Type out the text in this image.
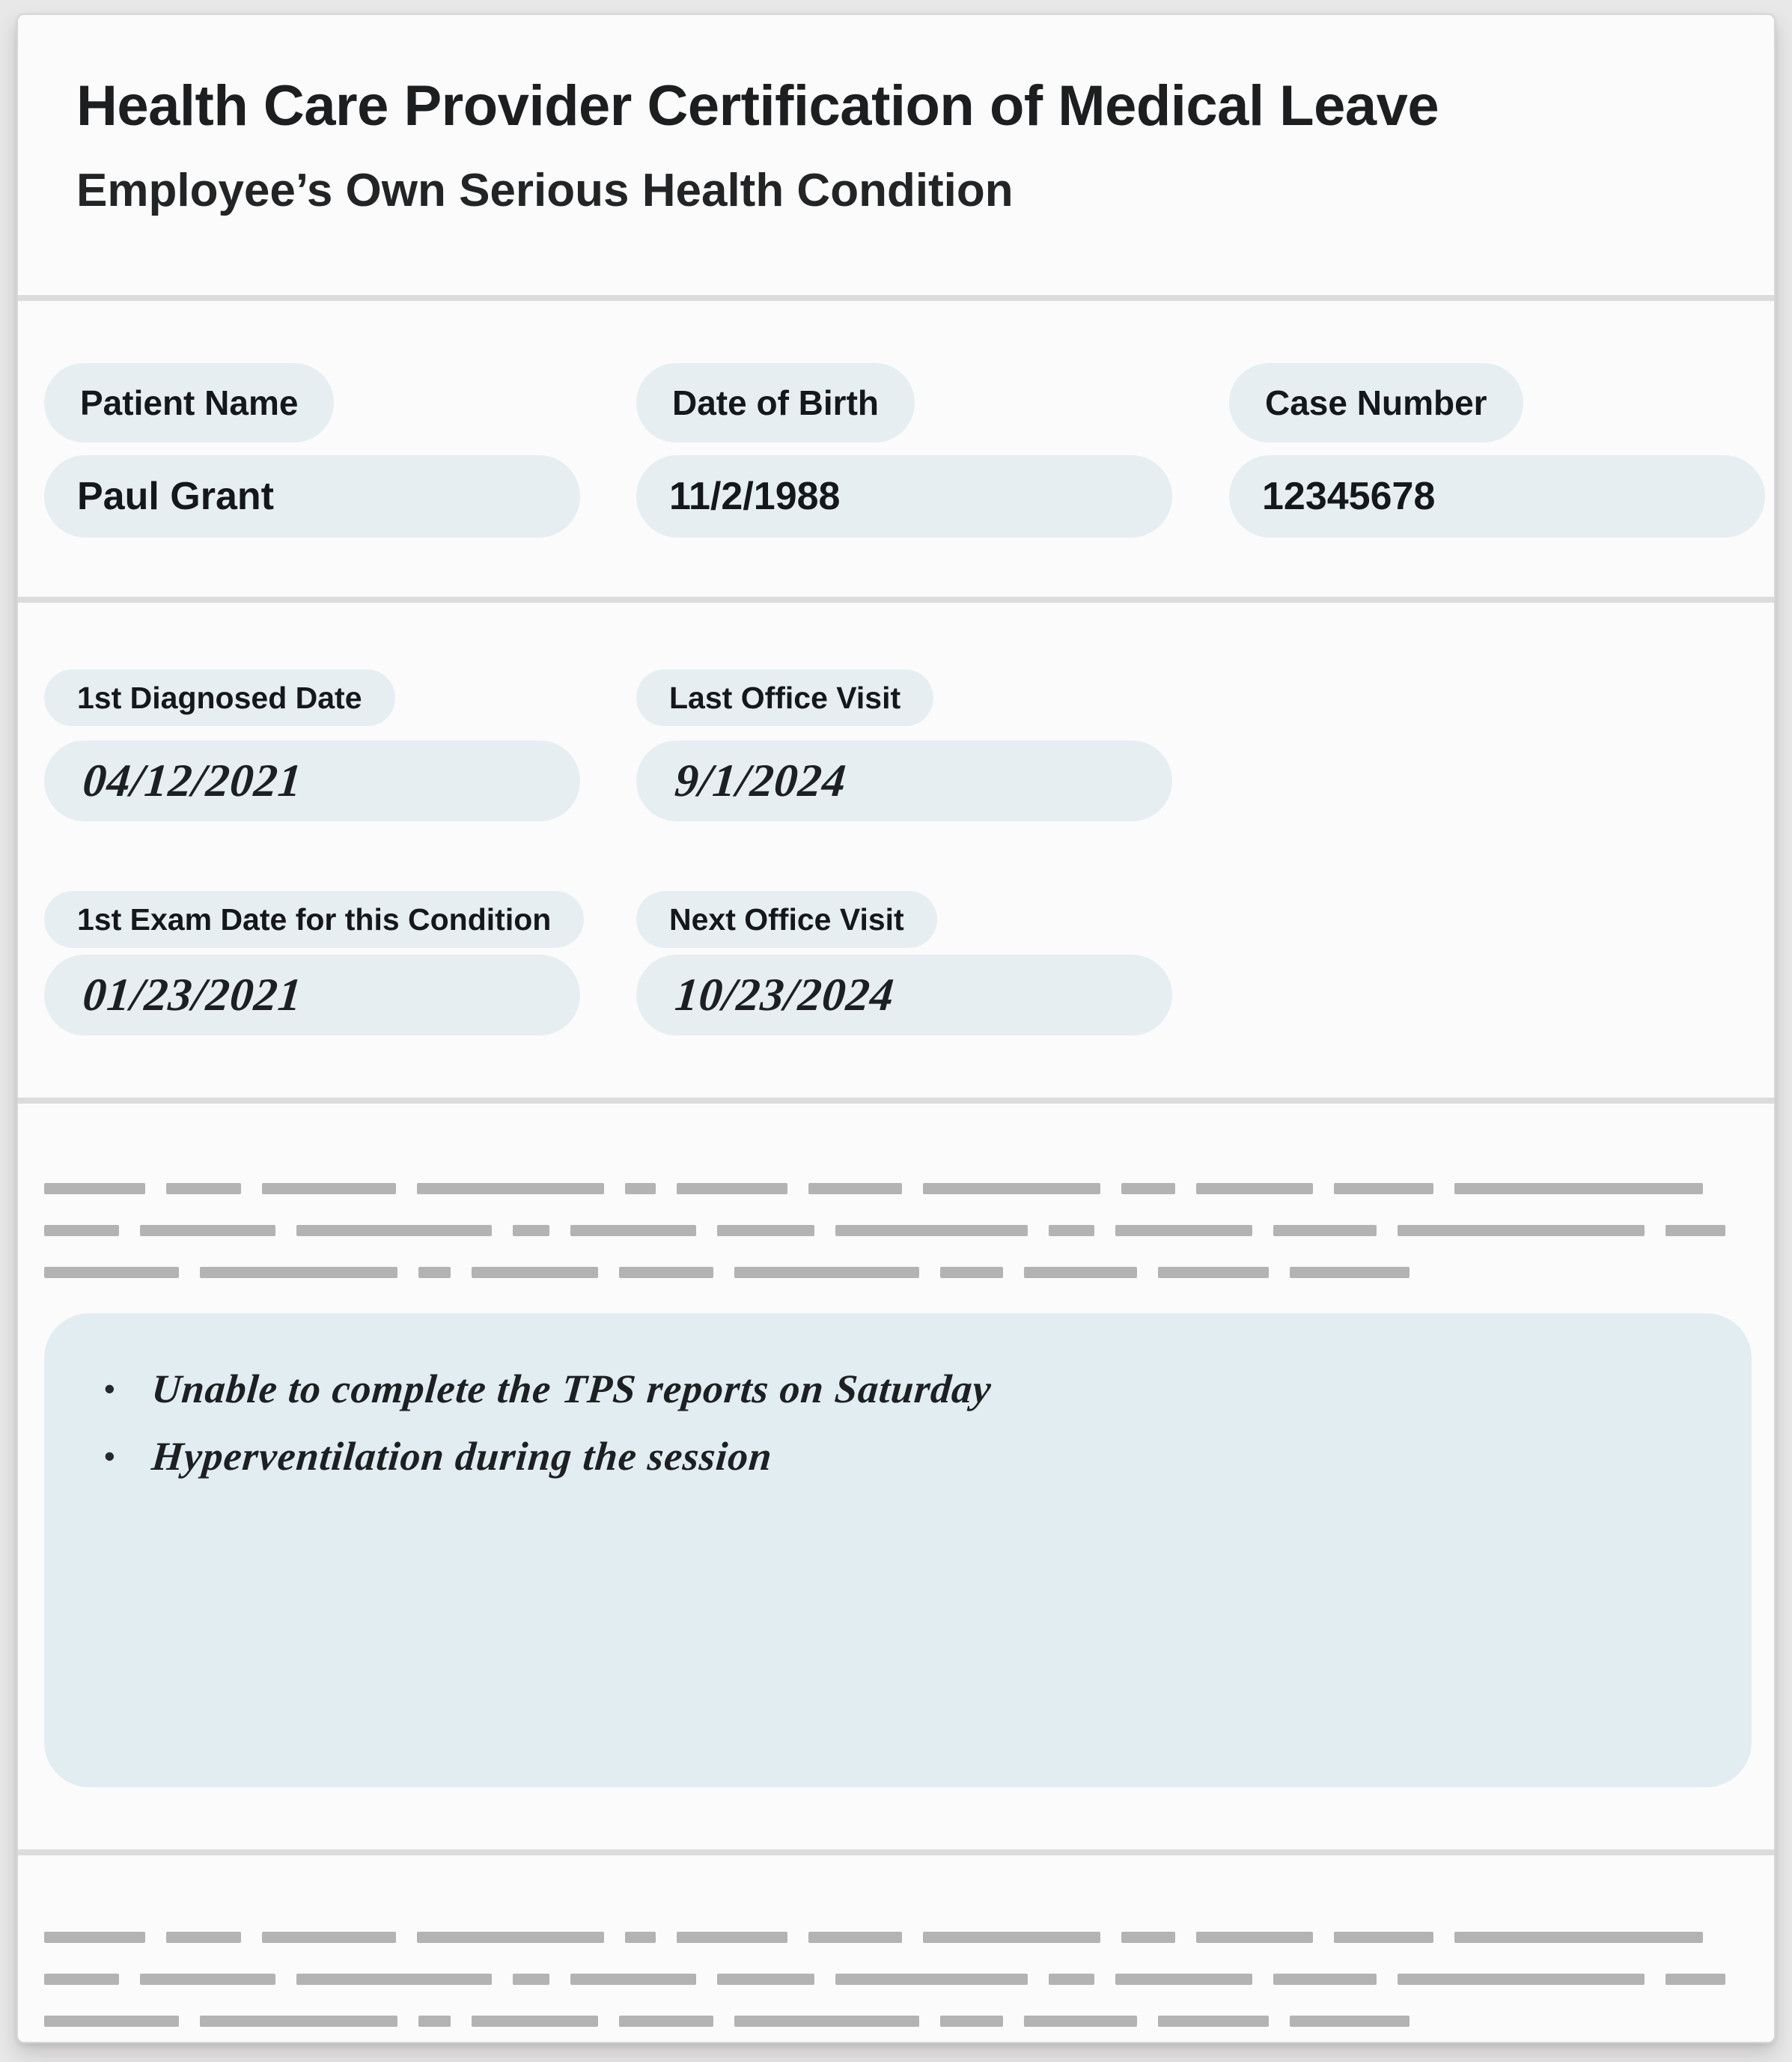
Health Care Provider Certification of Medical Leave
Employee’s Own Serious Health Condition
Patient Name	Date of Birth	Case Number
Paul Grant	11/2/1988	12345678
1st Diagnosed Date	Last Office Visit
04/12/2021	9/1/2024
1st Exam Date for this Condition	Next Office Visit
01/23/2021	10/23/2024
• Unable to complete the TPS reports on Saturday
• Hyperventilation during the session
